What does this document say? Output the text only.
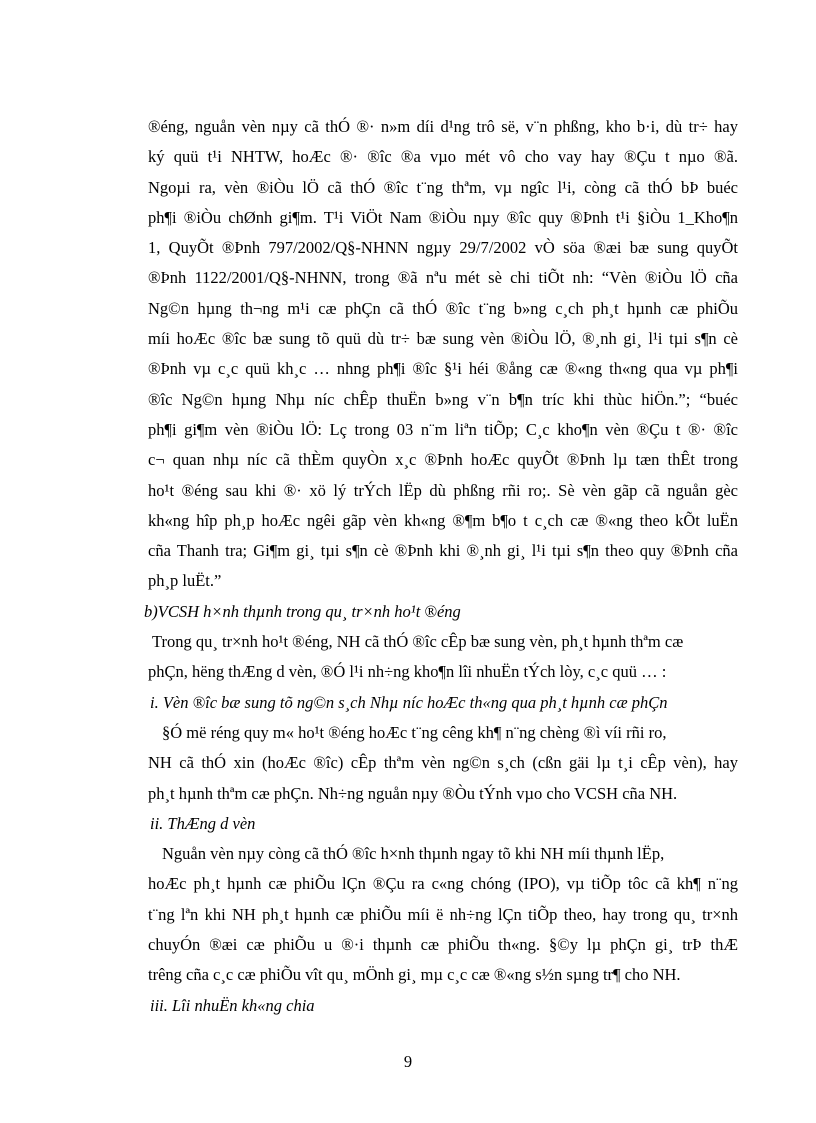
®éng, nguån vèn nµy cã thÓ ®· n»m díi d¹ng trô së, v¨n phßng, kho b·i, dù tr÷ hay
ký quü t¹i NHTW, hoÆc ®· ®îc ®a vµo mét vô cho vay hay ®Çu t nµo ®ã.
Ngoµi ra, vèn ®iÒu lÖ cã thÓ ®îc t¨ng thªm, vµ ngîc l¹i, còng cã thÓ bÞ buéc
ph¶i ®iÒu chØnh gi¶m. T¹i ViÖt Nam ®iÒu nµy ®îc quy ®Þnh t¹i §iÒu 1_Kho¶n
1, QuyÕt ®Þnh 797/2002/Q§-NHNN ngµy 29/7/2002 vÒ söa ®æi bæ sung quyÕt
®Þnh 1122/2001/Q§-NHNN, trong ®ã nªu mét sè chi tiÕt nh: “Vèn ®iÒu lÖ cña
Ng©n hµng th¬ng m¹i cæ phÇn cã thÓ ®îc t¨ng b»ng c¸ch ph¸t hµnh cæ phiÕu
míi hoÆc ®îc bæ sung tõ quü dù tr÷ bæ sung vèn ®iÒu lÖ, ®¸nh gi¸ l¹i tµi s¶n cè
®Þnh vµ c¸c quü kh¸c … nhng ph¶i ®îc §¹i héi ®ång cæ ®«ng th«ng qua vµ ph¶i
®îc Ng©n hµng Nhµ níc chÊp thuËn b»ng v¨n b¶n tríc khi thùc hiÖn.”; “buéc
ph¶i gi¶m vèn ®iÒu lÖ: Lç trong 03 n¨m liªn tiÕp; C¸c kho¶n vèn ®Çu t ®· ®îc
c¬ quan nhµ níc cã thÈm quyÒn x¸c ®Þnh hoÆc quyÕt ®Þnh lµ tæn thÊt trong
ho¹t ®éng sau khi ®· xö lý trÝch lËp dù phßng rñi ro;. Sè vèn gãp cã nguån gèc
kh«ng hîp ph¸p hoÆc ngêi gãp vèn kh«ng ®¶m b¶o t c¸ch cæ ®«ng theo kÕt luËn
cña Thanh tra; Gi¶m gi¸ tµi s¶n cè ®Þnh khi ®¸nh gi¸ l¹i tµi s¶n theo quy ®Þnh cña
ph¸p luËt.”
b)VCSH h×nh thµnh trong qu¸ tr×nh ho¹t ®éng
Trong qu¸ tr×nh ho¹t ®éng, NH cã thÓ ®îc cÊp bæ sung vèn, ph¸t hµnh thªm cæ
phÇn, hëng thÆng d vèn, ®Ó l¹i nh÷ng kho¶n lîi nhuËn tÝch lòy, c¸c quü … :
i. Vèn ®îc bæ sung tõ ng©n s¸ch Nhµ níc hoÆc th«ng qua ph¸t hµnh cæ phÇn
§Ó më réng quy m« ho¹t ®éng hoÆc t¨ng cêng kh¶ n¨ng chèng ®ì víi rñi ro,
NH cã thÓ xin (hoÆc ®îc) cÊp thªm vèn ng©n s¸ch (cßn gäi lµ t¸i cÊp vèn), hay
ph¸t hµnh thªm cæ phÇn. Nh÷ng nguån nµy ®Òu tÝnh vµo cho VCSH cña NH.
ii. ThÆng d vèn
Nguån vèn nµy còng cã thÓ ®îc h×nh thµnh ngay tõ khi NH míi thµnh lËp,
hoÆc ph¸t hµnh cæ phiÕu lÇn ®Çu ra c«ng chóng (IPO), vµ tiÕp tôc cã kh¶ n¨ng
t¨ng lªn khi NH ph¸t hµnh cæ phiÕu míi ë nh÷ng lÇn tiÕp theo, hay trong qu¸ tr×nh
chuyÓn ®æi cæ phiÕu u ®·i thµnh cæ phiÕu th«ng. §©y lµ phÇn gi¸ trÞ thÆ
trêng cña c¸c cæ phiÕu vît qu¸ mÖnh gi¸ mµ c¸c cæ ®«ng s½n sµng tr¶ cho NH.
iii. Lîi nhuËn kh«ng chia
9
